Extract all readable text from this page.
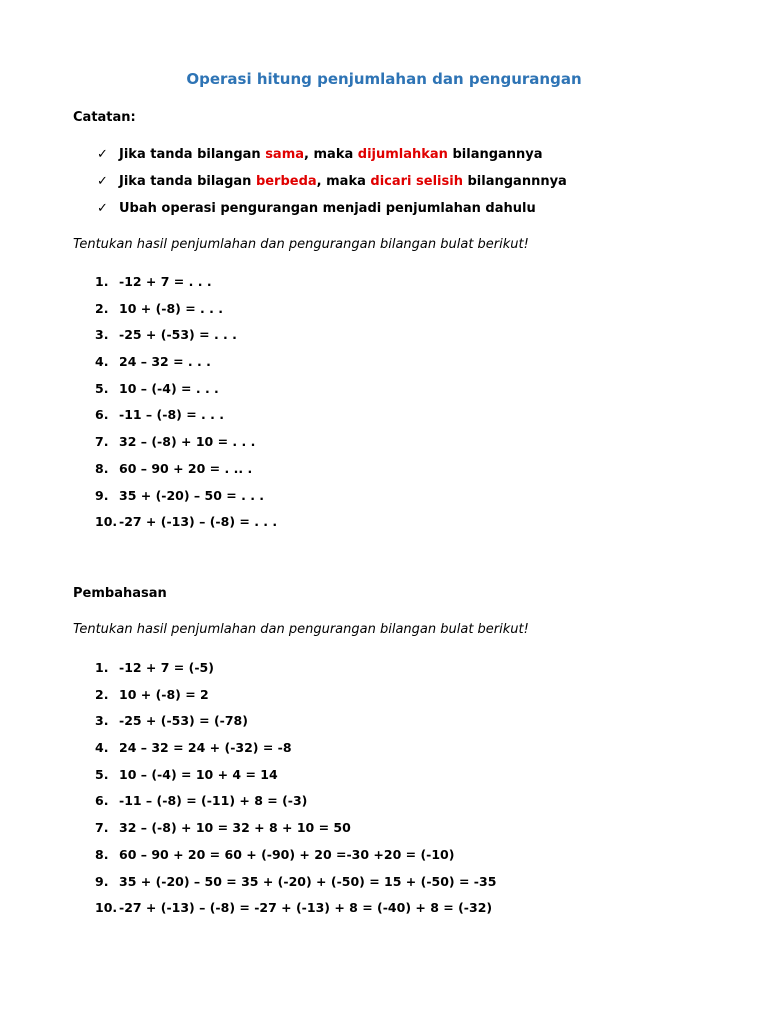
Operasi hitung penjumlahan dan pengurangan
Catatan:
✓ Jika tanda bilangan sama, maka dijumlahkan bilangannya
✓ Jika tanda bilagan berbeda, maka dicari selisih bilangannnya
✓ Ubah operasi pengurangan menjadi penjumlahan dahulu
Tentukan hasil penjumlahan dan pengurangan bilangan bulat berikut!
1. -12 + 7 = . . .
2. 10 + (-8) = . . .
3. -25 + (-53) = . . .
4. 24 – 32 = . . .
5. 10 – (-4) = . . .
6. -11 – (-8) = . . .
7. 32 – (-8) + 10 = . . .
8. 60 – 90 + 20 = . .. .
9. 35 + (-20) – 50 = . . .
10. -27 + (-13) – (-8) = . . .
Pembahasan
Tentukan hasil penjumlahan dan pengurangan bilangan bulat berikut!
1. -12 + 7 = (-5)
2. 10 + (-8) = 2
3. -25 + (-53) = (-78)
4. 24 – 32 = 24 + (-32) = -8
5. 10 – (-4) = 10 + 4 = 14
6. -11 – (-8) = (-11) + 8 = (-3)
7. 32 – (-8) + 10 = 32 + 8 + 10 = 50
8. 60 – 90 + 20 = 60 + (-90) + 20 =-30 +20 = (-10)
9. 35 + (-20) – 50 = 35 + (-20) + (-50) = 15 + (-50) = -35
10. -27 + (-13) – (-8) = -27 + (-13) + 8 = (-40) + 8 = (-32)
